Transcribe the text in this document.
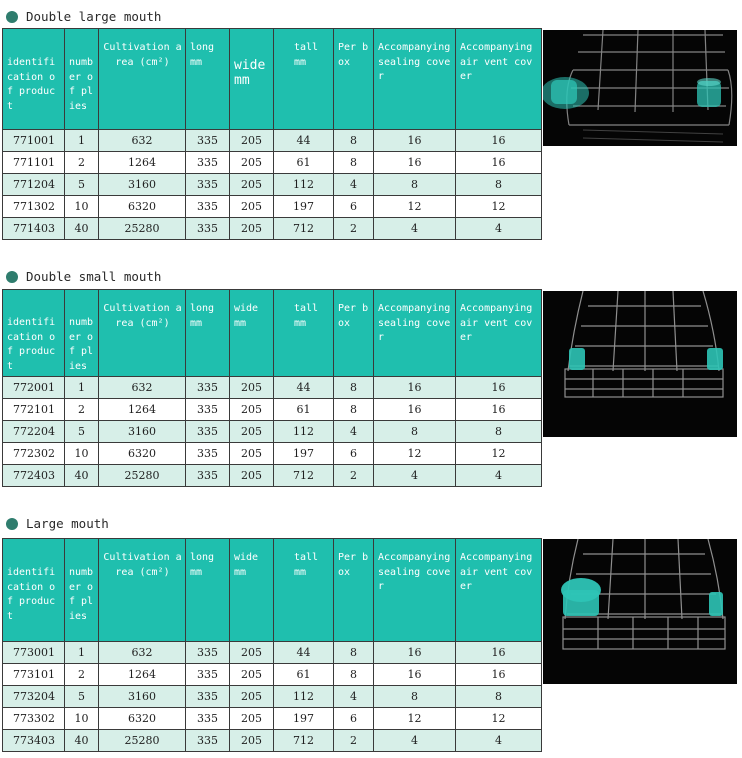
Double large mouth
identification of product	number of plies	Cultivation area (cm²)	long mm	wide mm	tall mm	Per box	Accompanying sealing cover	Accompanying air vent cover
771001	1	632	335	205	44	8	16	16
771101	2	1264	335	205	61	8	16	16
771204	5	3160	335	205	112	4	8	8
771302	10	6320	335	205	197	6	12	12
771403	40	25280	335	205	712	2	4	4
Double small mouth
identification of product	number of plies	Cultivation area (cm²)	long mm	wide mm	tall mm	Per box	Accompanying sealing cover	Accompanying air vent cover
772001	1	632	335	205	44	8	16	16
772101	2	1264	335	205	61	8	16	16
772204	5	3160	335	205	112	4	8	8
772302	10	6320	335	205	197	6	12	12
772403	40	25280	335	205	712	2	4	4
Large mouth
identification of product	number of plies	Cultivation area (cm²)	long mm	wide mm	tall mm	Per box	Accompanying sealing cover	Accompanying air vent cover
773001	1	632	335	205	44	8	16	16
773101	2	1264	335	205	61	8	16	16
773204	5	3160	335	205	112	4	8	8
773302	10	6320	335	205	197	6	12	12
773403	40	25280	335	205	712	2	4	4
